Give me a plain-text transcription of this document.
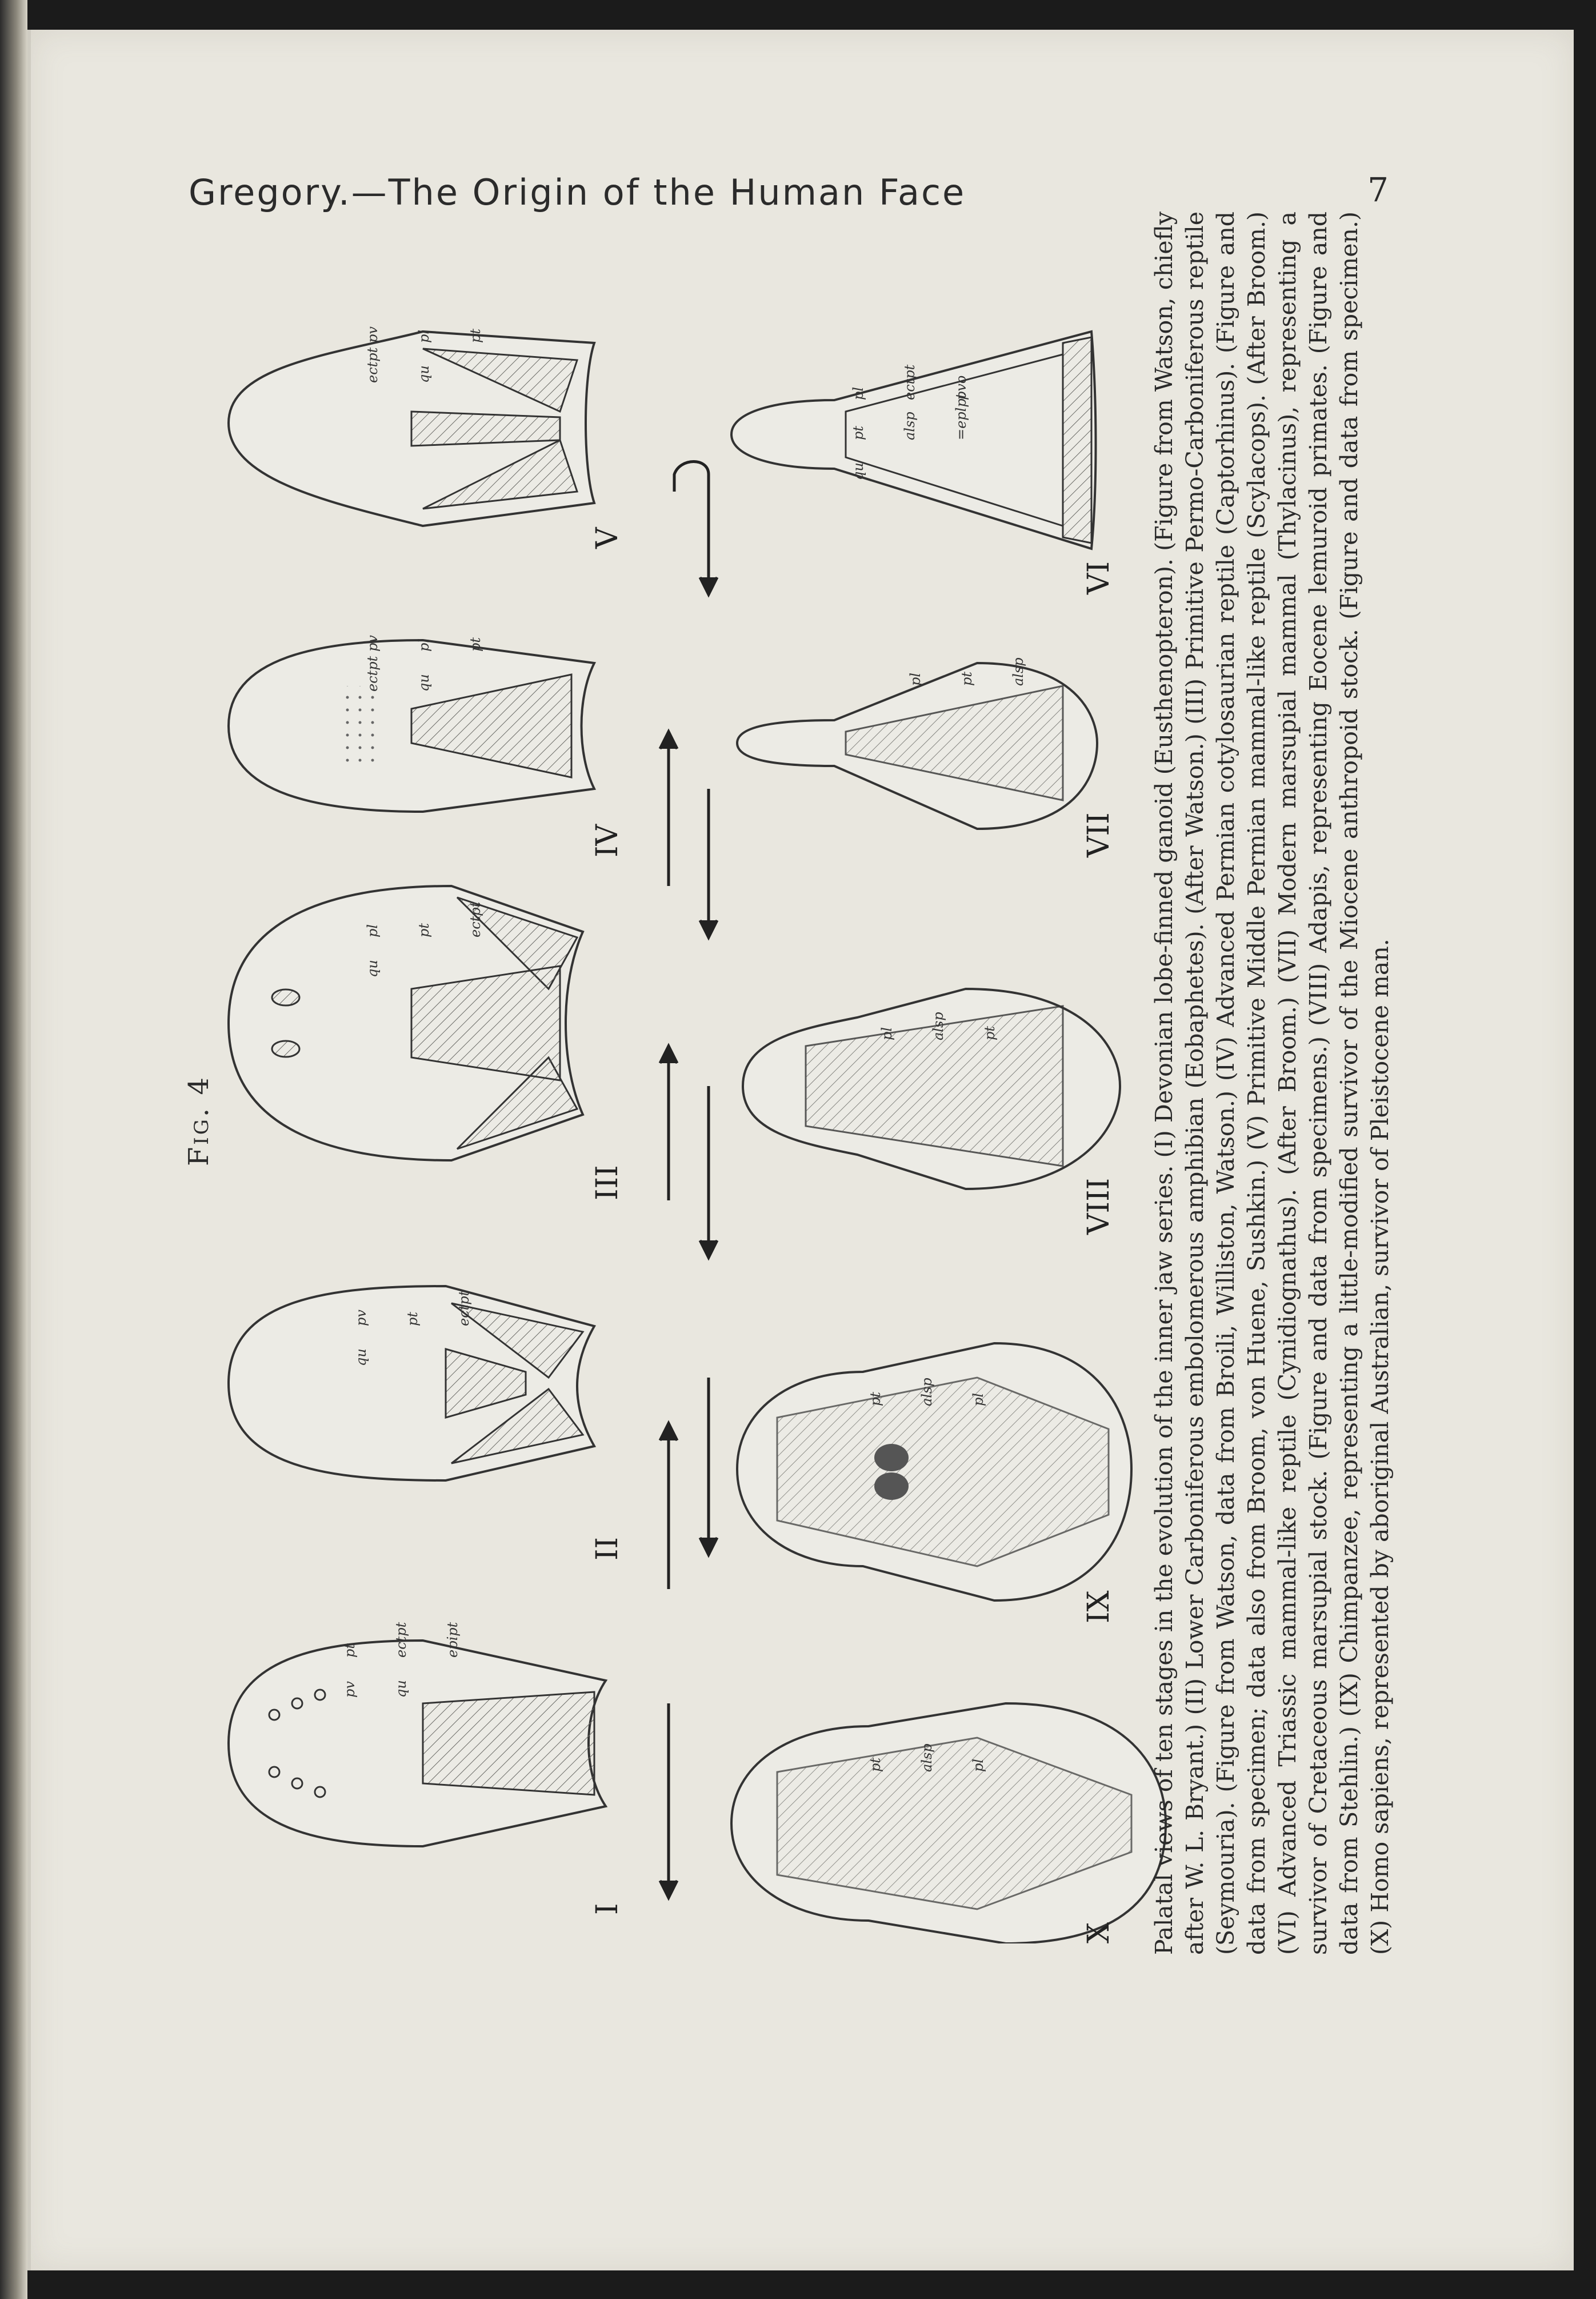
Gregory.—The Origin of the Human Face	7
Fig. 4
I
II
III
IV
V
VI
VII
VIII
IX
X
pt	ectpt	epipt
pv	qu
pv	pt	ectpt
qu
pl	pt	ectpt
qu
pv	pl	pt
ectpt	qu
pv	pl	pt
ectpt	qu
pl	ectpt	pvo
pt	alsp	=eplpt
qu
pl	pt	alsp
pl	alsp	pt
pt	alsp	pl
pt	alsp	pl	Palatal views of ten stages in the evolution of the inner jaw series. (I) Devonian lobe-finned ganoid (Eusthenopteron). (Figure from Watson, chiefly after W. L. Bryant.) (II) Lower Carboniferous embolomerous amphibian (Eobaphetes). (After Watson.) (III) Primitive Permo-Carboniferous reptile (Seymouria). (Figure from Watson, data from Broili, Williston, Watson.) (IV) Advanced Permian cotylosaurian reptile (Captorhinus). (Figure and data from specimen; data also from Broom, von Huene, Sushkin.) (V) Primitive Middle Permian mammal-like reptile (Scylacops). (After Broom.) (VI) Advanced Triassic mammal-like reptile (Cynidiognathus). (After Broom.) (VII) Modern marsupial mammal (Thylacinus), representing a survivor of Cretaceous marsupial stock. (Figure and data from specimens.) (VIII) Adapis, representing Eocene lemuroid primates. (Figure and data from Stehlin.) (IX) Chimpanzee, representing a little-modified survivor of the Miocene anthropoid stock. (Figure and data from specimen.) (X) Homo sapiens, represented by aboriginal Australian, survivor of Pleistocene man.
